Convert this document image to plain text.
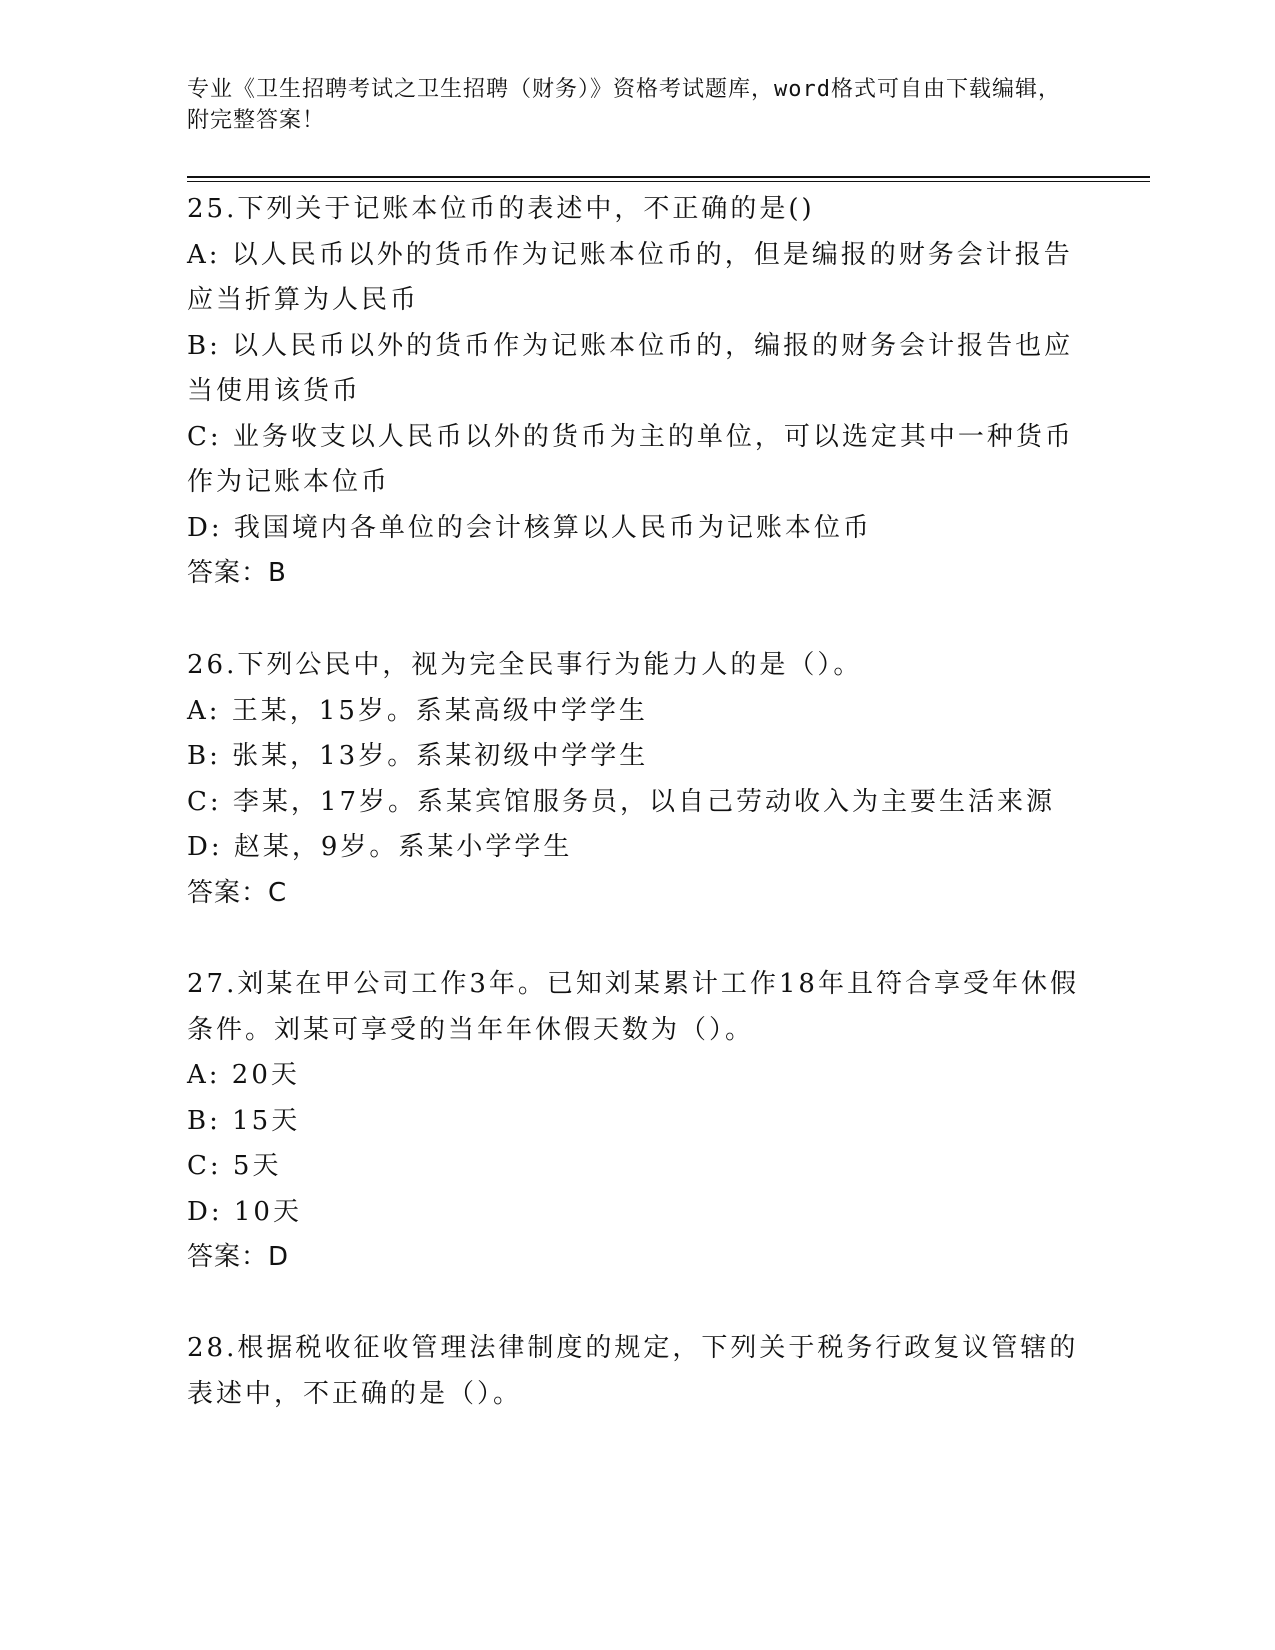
专业《卫生招聘考试之卫生招聘（财务）》资格考试题库，word格式可自由下载编辑，附完整答案！
25.下列关于记账本位币的表述中，不正确的是()
A: 以人民币以外的货币作为记账本位币的，但是编报的财务会计报告应当折算为人民币
B: 以人民币以外的货币作为记账本位币的，编报的财务会计报告也应当使用该货币
C: 业务收支以人民币以外的货币为主的单位，可以选定其中一种货币作为记账本位币
D: 我国境内各单位的会计核算以人民币为记账本位币
答案：B
26.下列公民中，视为完全民事行为能力人的是（）。
A: 王某，15岁。系某高级中学学生
B: 张某，13岁。系某初级中学学生
C: 李某，17岁。系某宾馆服务员，以自己劳动收入为主要生活来源
D: 赵某，9岁。系某小学学生
答案：C
27.刘某在甲公司工作3年。已知刘某累计工作18年且符合享受年休假条件。刘某可享受的当年年休假天数为（）。
A: 20天
B: 15天
C: 5天
D: 10天
答案：D
28.根据税收征收管理法律制度的规定，下列关于税务行政复议管辖的表述中，不正确的是（）。
